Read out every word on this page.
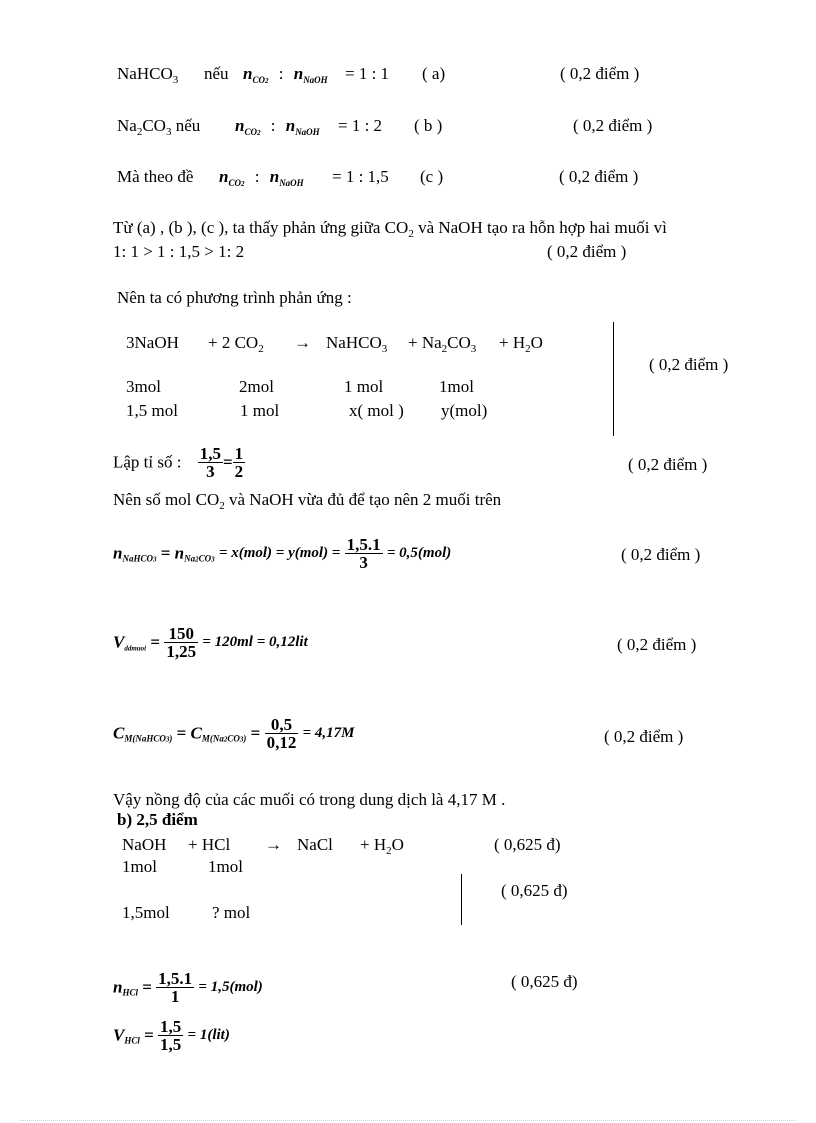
NaHCO$_3$ nếu $n_{CO2}$ : $n_{NaOH} = 1$ : 1 ( a)	( 0,2 điểm )
$Na_2CO_3$ nếu $n_{CO2}$ : $n_{NaOH} = 1$ : 2 ( b )	( 0,2 điểm )
Mà theo đề $n_{CO2}$ : $n_{NaOH} = 1$ : 1,5 (c )	( 0,2 điểm )
Từ (a) , (b ), (c ), ta thấy phản ứng giữa $CO_2$ và NaOH tạo ra hỗn hợp hai muối vì
1: 1 > 1 : 1,5 > 1: 2	( 0,2 điểm )
Nên ta có phương trình phản ứng :
3NaOH + 2 $CO_2$ → NaHCO$_3$ + $Na_2CO_3 + H_2O$
3mol	2mol	1 mol	1mol
1,5 mol	1 mol	x( mol ) y(mol)
( 0,2 điểm )
Lập tỉ số : $\frac{1,5}{3} = \frac{1}{2}$	( 0,2 điểm )
Nên số mol $CO_2$ và NaOH vừa đủ để tạo nên 2 muối trên
$n_{NaHCO3} = n_{Na2CO3} = x(mol) = y(mol) = \frac{1,5.1}{3} = 0,5(mol)$	( 0,2 điểm )
$V_{ddmuoi} = \frac{150}{1,25} = 120ml = 0,12lit$	( 0,2 điểm )
$C_{M(NaHCO3)} = C_{M(Na2CO3)} = \frac{0,5}{0,12} = 4,17M$	( 0,2 điểm )
Vậy nồng độ của các muối có trong dung dịch là 4,17 M .
b) 2,5 điểm
NaOH + HCl → NaCl + $H_2O$	( 0,625 đ)
1mol	1mol
1,5mol ? mol
( 0,625 đ)
$n_{HCl} = \frac{1,5.1}{1} = 1,5(mol)$	( 0,625 đ)
$V_{HCl} = \frac{1,5}{1,5} = 1(lit)$
